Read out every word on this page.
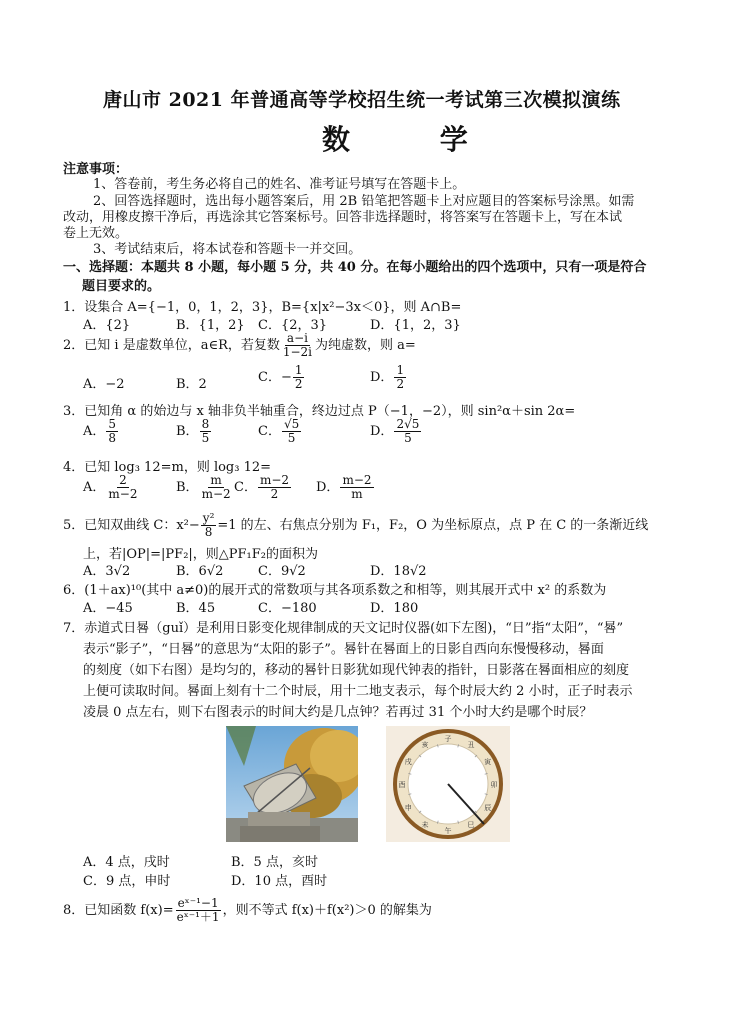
唐山市 2021 年普通高等学校招生统一考试第三次模拟演练
数 学
注意事项：
1、答卷前，考生务必将自己的姓名、准考证号填写在答题卡上。
2、回答选择题时，选出每小题答案后，用 2B 铅笔把答题卡上对应题目的答案标号涂黑。如需
改动，用橡皮擦干净后，再选涂其它答案标号。回答非选择题时，将答案写在答题卡上，写在本试
卷上无效。
3、考试结束后，将本试卷和答题卡一并交回。
一、选择题：本题共 8 小题，每小题 5 分，共 40 分。在每小题给出的四个选项中，只有一项是符合
题目要求的。
1．设集合 A={−1，0，1，2，3}，B={x|x²−3x＜0}，则 A∩B=
A．{2}	B．{1，2} C．{2，3}	D．{1，2，3}
2．已知 i 是虚数单位，a∈R，若复数 $\frac{a-i}{1-2i}$ 为纯虚数，则 a=
A．−2	B．2	C．− $\frac{1}{2}$	D． $\frac{1}{2}$
3．已知角 α 的始边与 x 轴非负半轴重合，终边过点 P（−1，−2），则 sin²α＋sin 2α=
A． $\frac{5}{8}$	B． $\frac{8}{5}$	C． $\frac{√5}{5}$	D． $\frac{2√5}{5}$
4．已知 log₃ 12=m，则 log₃ 12=
A． $\frac{2}{m-2}$	B． $\frac{m}{m-2}$ C． $\frac{m-2}{2}$ D． $\frac{m-2}{m}$
5．已知双曲线 C：$x^2- \frac{\text{y²}}{8} =1$ 的左、右焦点分别为 F₁，F₂，O 为坐标原点，点 P 在 C 的一条渐近线
上，若|OP|=|PF₂|，则△PF₁F₂的面积为
A．3√2	B．6√2	C．9√2	D．18√2
6．(1＋ax)¹⁰(其中 a≠0)的展开式的常数项与其各项系数之和相等，则其展开式中 x² 的系数为
A．−45	B．45	C．−180	D．180
7．赤道式日晷（guǐ）是利用日影变化规律制成的天文记时仪器(如下左图)，“日”指“太阳”，“晷”
表示“影子”，“日晷”的意思为“太阳的影子”。晷针在晷面上的日影自西向东慢慢移动，晷面
的刻度（如下右图）是均匀的，移动的晷针日影犹如现代钟表的指针，日影落在晷面相应的刻度
上便可读取时间。晷面上刻有十二个时辰，用十二地支表示，每个时辰大约 2 小时，正子时表示
凌晨 0 点左右，则下右图表示的时间大约是几点钟？若再过 31 个小时大约是哪个时辰？
子
丑
寅
卯
辰
巳
午
未
申
酉
戌
亥
A．4 点，戌时	B．5 点，亥时
C．9 点，申时	D．10 点，酉时
8．已知函数 $f(x)= \frac{\text{eˣ⁻¹−1}}{\text{eˣ⁻¹＋1}}$ ，则不等式 f(x)＋f(x²)＞0 的解集为
